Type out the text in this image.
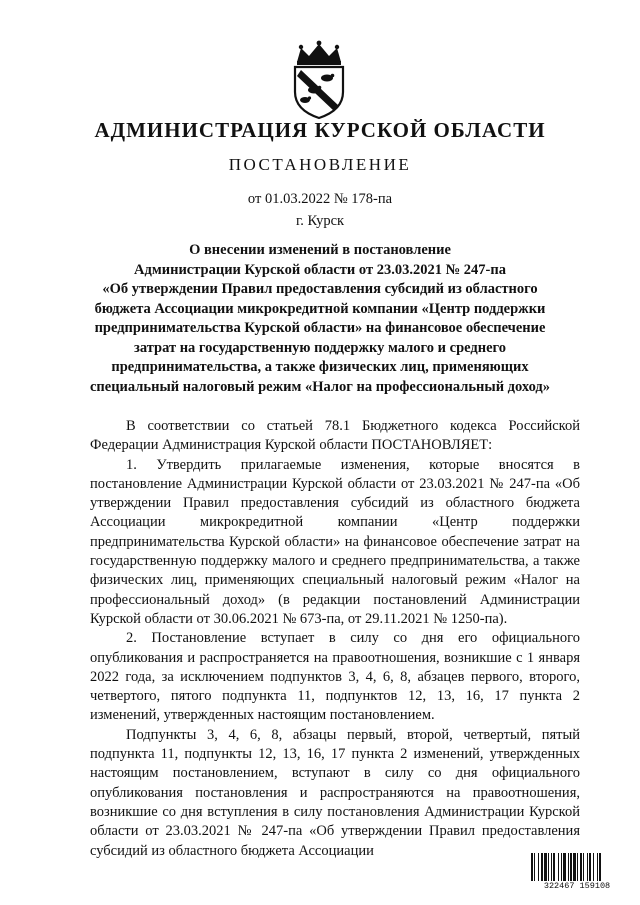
АДМИНИСТРАЦИЯ КУРСКОЙ ОБЛАСТИ
ПОСТАНОВЛЕНИЕ
от 01.03.2022 № 178-па
г. Курск
О внесении изменений в постановление
Администрации Курской области от 23.03.2021 № 247-па
«Об утверждении Правил предоставления субсидий из областного
бюджета Ассоциации микрокредитной компании «Центр поддержки
предпринимательства Курской области» на финансовое обеспечение
затрат на государственную поддержку малого и среднего
предпринимательства, а также физических лиц, применяющих
специальный налоговый режим «Налог на профессиональный доход»

В соответствии со статьей 78.1 Бюджетного кодекса Российской Федерации Администрация Курской области ПОСТАНОВЛЯЕТ:

1. Утвердить прилагаемые изменения, которые вносятся в постановление Администрации Курской области от 23.03.2021 № 247-па «Об утверждении Правил предоставления субсидий из областного бюджета Ассоциации микрокредитной компании «Центр поддержки предпринимательства Курской области» на финансовое обеспечение затрат на государственную поддержку малого и среднего предпринимательства, а также физических лиц, применяющих специальный налоговый режим «Налог на профессиональный доход» (в редакции постановлений Администрации Курской области от 30.06.2021 № 673-па, от 29.11.2021 № 1250-па).

2. Постановление вступает в силу со дня его официального опубликования и распространяется на правоотношения, возникшие с 1 января 2022 года, за исключением подпунктов 3, 4, 6, 8, абзацев первого, второго, четвертого, пятого подпункта 11, подпунктов 12, 13, 16, 17 пункта 2 изменений, утвержденных настоящим постановлением.

Подпункты 3, 4, 6, 8, абзацы первый, второй, четвертый, пятый подпункта 11, подпункты 12, 13, 16, 17 пункта 2 изменений, утвержденных настоящим постановлением, вступают в силу со дня официального опубликования постановления и распространяются на правоотношения, возникшие со дня вступления в силу постановления Администрации Курской области от 23.03.2021 № 247-па «Об утверждении Правил предоставления субсидий из областного бюджета Ассоциации

322467 159108
